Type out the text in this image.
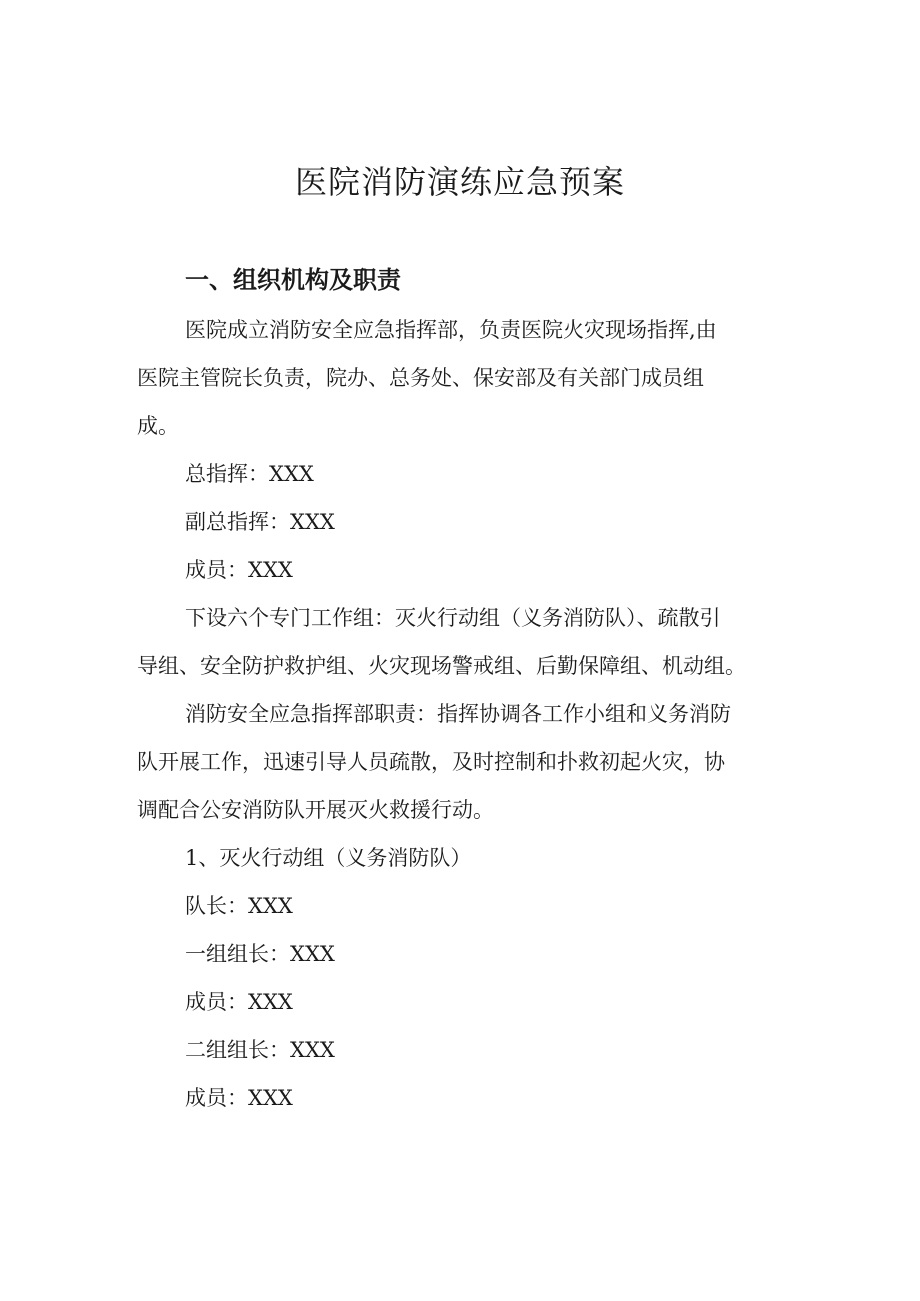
医院消防演练应急预案
一、组织机构及职责
医院成立消防安全应急指挥部，负责医院火灾现场指挥,由
医院主管院长负责，院办、总务处、保安部及有关部门成员组
成。
总指挥：XXX
副总指挥：XXX
成员：XXX
下设六个专门工作组：灭火行动组（义务消防队）、疏散引
导组、安全防护救护组、火灾现场警戒组、后勤保障组、机动组。
消防安全应急指挥部职责：指挥协调各工作小组和义务消防
队开展工作，迅速引导人员疏散，及时控制和扑救初起火灾，协
调配合公安消防队开展灭火救援行动。
1、灭火行动组（义务消防队）
队长：XXX
一组组长：XXX
成员：XXX
二组组长：XXX
成员：XXX
